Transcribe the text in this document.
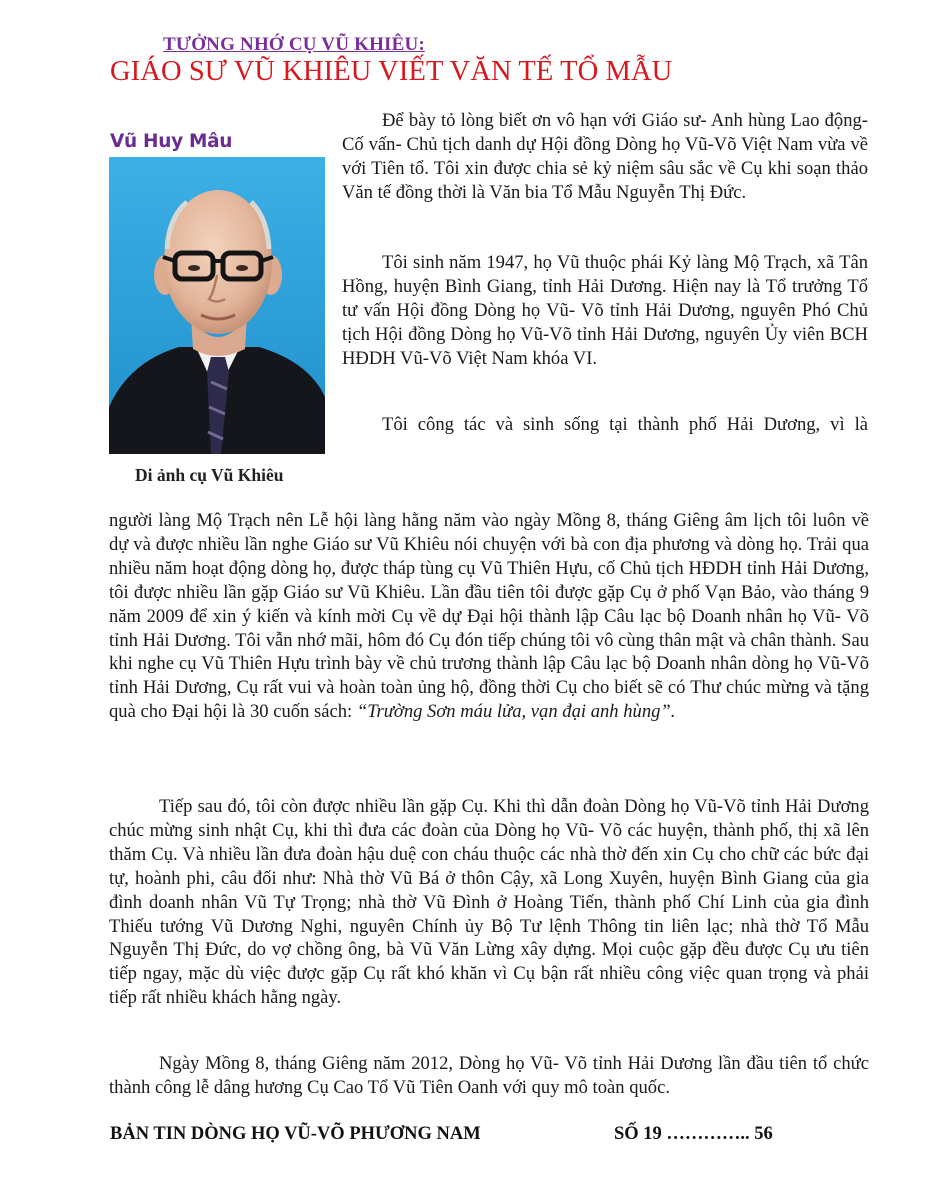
TƯỞNG NHỚ CỤ VŨ KHIÊU:
GIÁO SƯ VŨ KHIÊU VIẾT VĂN TẾ TỔ MẪU
Vũ Huy Mâu
Di ảnh cụ Vũ Khiêu

Để bày tỏ lòng biết ơn vô hạn với Giáo sư- Anh hùng Lao động- Cố vấn- Chủ tịch danh dự Hội đồng Dòng họ Vũ-Võ Việt Nam vừa về với Tiên tổ. Tôi xin được chia sẻ kỷ niệm sâu sắc về Cụ khi soạn thảo Văn tế đồng thời là Văn bia Tổ Mẫu Nguyễn Thị Đức.

Tôi sinh năm 1947, họ Vũ thuộc phái Kỷ làng Mộ Trạch, xã Tân Hồng, huyện Bình Giang, tỉnh Hải Dương. Hiện nay là Tổ trưởng Tổ tư vấn Hội đồng Dòng họ Vũ- Võ tỉnh Hải Dương, nguyên Phó Chủ tịch Hội đồng Dòng họ Vũ-Võ tỉnh Hải Dương, nguyên Ủy viên BCH HĐDH Vũ-Võ Việt Nam khóa VI.

Tôi công tác và sinh sống tại thành phố Hải Dương, vì là

người làng Mộ Trạch nên Lễ hội làng hằng năm vào ngày Mồng 8, tháng Giêng âm lịch tôi luôn về dự và được nhiều lần nghe Giáo sư Vũ Khiêu nói chuyện với bà con địa phương và dòng họ. Trải qua nhiều năm hoạt động dòng họ, được tháp tùng cụ Vũ Thiên Hựu, cố Chủ tịch HĐDH tỉnh Hải Dương, tôi được nhiều lần gặp Giáo sư Vũ Khiêu. Lần đầu tiên tôi được gặp Cụ ở phố Vạn Bảo, vào tháng 9 năm 2009 để xin ý kiến và kính mời Cụ về dự Đại hội thành lập Câu lạc bộ Doanh nhân họ Vũ- Võ tỉnh Hải Dương. Tôi vẫn nhớ mãi, hôm đó Cụ đón tiếp chúng tôi vô cùng thân mật và chân thành. Sau khi nghe cụ Vũ Thiên Hựu trình bày về chủ trương thành lập Câu lạc bộ Doanh nhân dòng họ Vũ-Võ tỉnh Hải Dương, Cụ rất vui và hoàn toàn ủng hộ, đồng thời Cụ cho biết sẽ có Thư chúc mừng và tặng quà cho Đại hội là 30 cuốn sách: “Trường Sơn máu lửa, vạn đại anh hùng”.

Tiếp sau đó, tôi còn được nhiều lần gặp Cụ. Khi thì dẫn đoàn Dòng họ Vũ-Võ tỉnh Hải Dương chúc mừng sinh nhật Cụ, khi thì đưa các đoàn của Dòng họ Vũ- Võ các huyện, thành phố, thị xã lên thăm Cụ. Và nhiều lần đưa đoàn hậu duệ con cháu thuộc các nhà thờ đến xin Cụ cho chữ các bức đại tự, hoành phi, câu đối như: Nhà thờ Vũ Bá ở thôn Cậy, xã Long Xuyên, huyện Bình Giang của gia đình doanh nhân Vũ Tự Trọng; nhà thờ Vũ Đình ở Hoàng Tiến, thành phố Chí Linh của gia đình Thiếu tướng Vũ Dương Nghi, nguyên Chính ủy Bộ Tư lệnh Thông tin liên lạc; nhà thờ Tổ Mẫu Nguyễn Thị Đức, do vợ chồng ông, bà Vũ Văn Lừng xây dựng. Mọi cuộc gặp đều được Cụ ưu tiên tiếp ngay, mặc dù việc được gặp Cụ rất khó khăn vì Cụ bận rất nhiều công việc quan trọng và phải tiếp rất nhiều khách hằng ngày.

Ngày Mồng 8, tháng Giêng năm 2012, Dòng họ Vũ- Võ tỉnh Hải Dương lần đầu tiên tổ chức thành công lễ dâng hương Cụ Cao Tổ Vũ Tiên Oanh với quy mô toàn quốc.

BẢN TIN DÒNG HỌ VŨ-VÕ PHƯƠNG NAM	SỐ 19 ………….. 56
